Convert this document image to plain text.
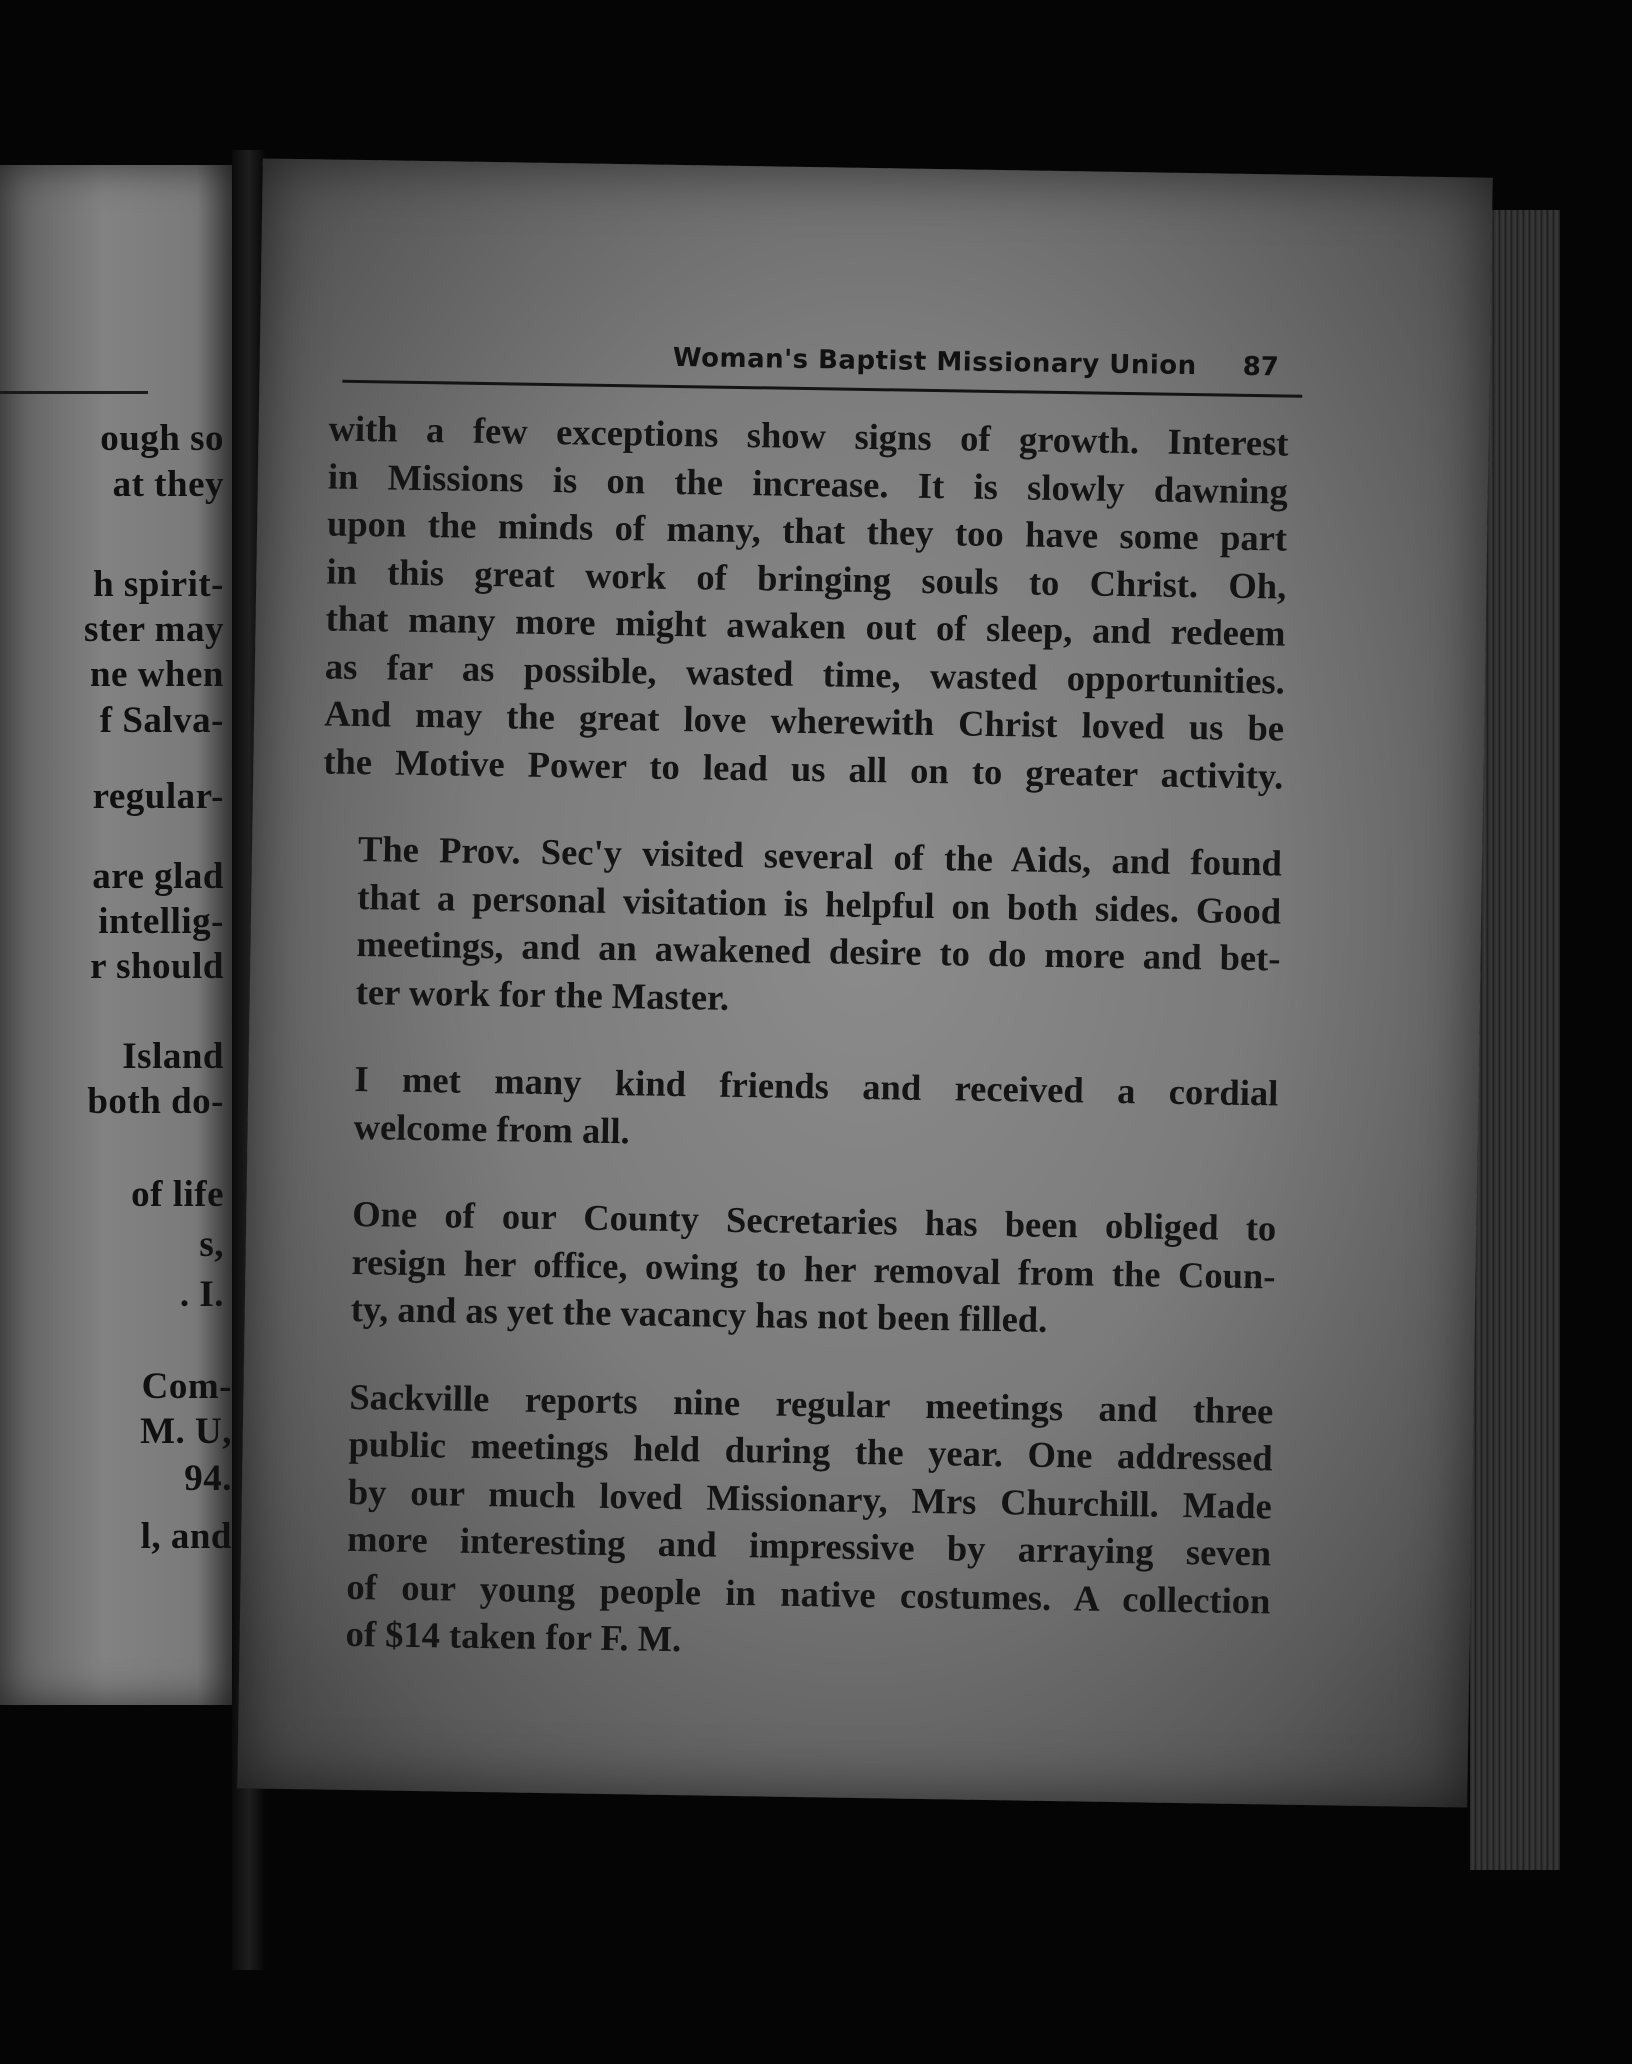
ough so
at they
h spirit-
ster may
ne when
f Salva-
regular-
are glad
intellig-
r should
Island
both do-
of life
s,
. I.
Com-
M. U,
94.
l, and
Woman's Baptist Missionary Union	87

with a few exceptions show signs of growth. Interest
in Missions is on the increase. It is slowly dawning
upon the minds of many, that they too have some part
in this great work of bringing souls to Christ. Oh,
that many more might awaken out of sleep, and redeem
as far as possible, wasted time, wasted opportunities.
And may the great love wherewith Christ loved us be
the Motive Power to lead us all on to greater activity.

The Prov. Sec'y visited several of the Aids, and found
that a personal visitation is helpful on both sides. Good
meetings, and an awakened desire to do more and bet-
ter work for the Master.

I met many kind friends and received a cordial
welcome from all.

One of our County Secretaries has been obliged to
resign her office, owing to her removal from the Coun-
ty, and as yet the vacancy has not been filled.

Sackville reports nine regular meetings and three
public meetings held during the year. One addressed
by our much loved Missionary, Mrs Churchill. Made
more interesting and impressive by arraying seven
of our young people in native costumes. A collection
of $14 taken for F. M.
